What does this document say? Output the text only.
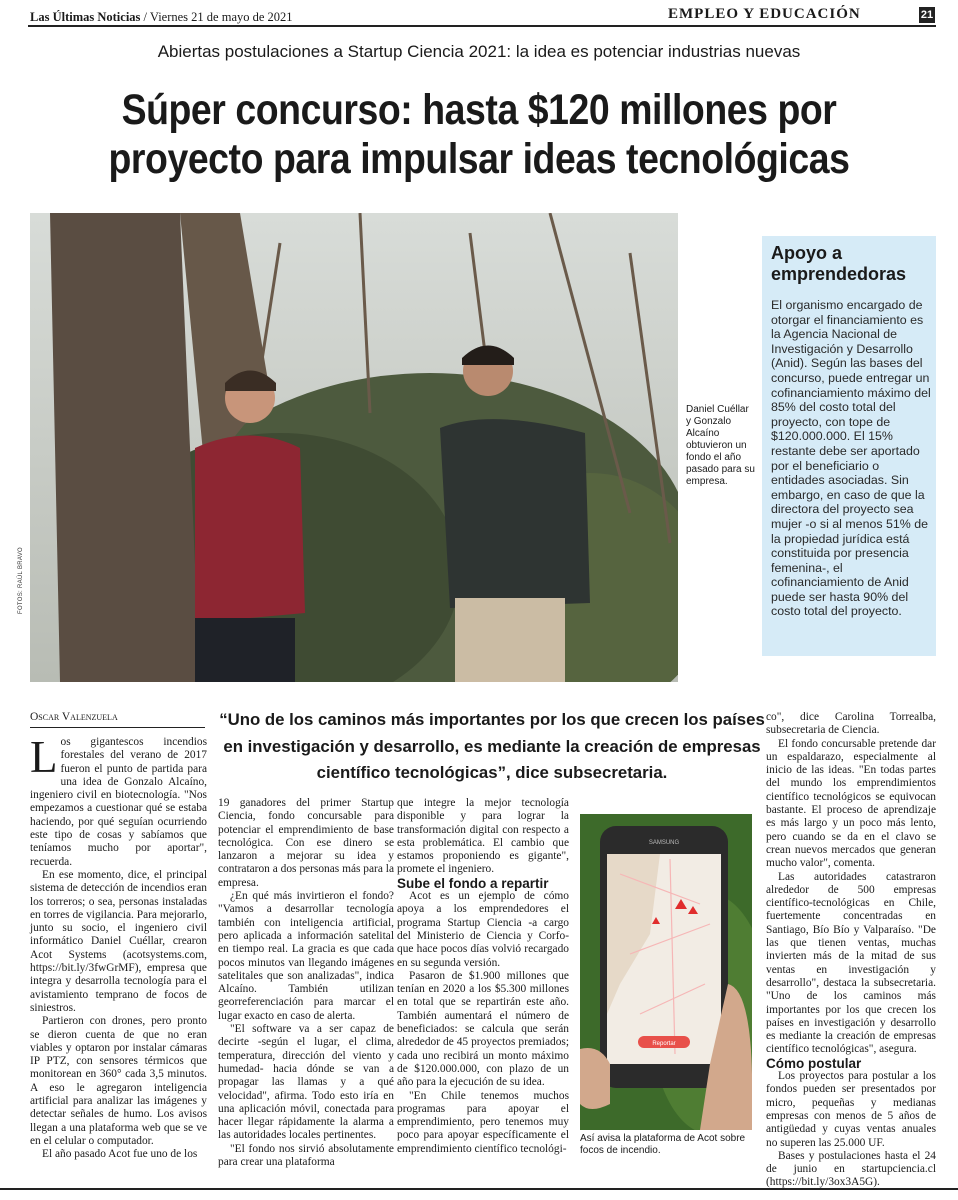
Las Últimas Noticias / Viernes 21 de mayo de 2021	EMPLEO Y EDUCACIÓN	21
Abiertas postulaciones a Startup Ciencia 2021: la idea es potenciar industrias nuevas
Súper concurso: hasta $120 millones por
proyecto para impulsar ideas tecnológicas
FOTOS: RAÚL BRAVO
Daniel Cuéllar y Gonzalo Alcaíno obtuvieron un fondo el año pasado para su empresa.
Apoyo a emprendedoras
El organismo encargado de otorgar el financiamiento es la Agencia Nacional de Investigación y Desarrollo (Anid). Según las bases del concurso, puede entregar un cofinanciamiento máximo del 85% del costo total del proyecto, con tope de $120.000.000. El 15% restante debe ser aportado por el beneficiario o entidades asociadas. Sin embargo, en caso de que la directora del proyecto sea mujer -o si al menos 51% de la propiedad jurídica está constituida por presencia femenina-, el cofinanciamiento de Anid puede ser hasta 90% del costo total del proyecto.
Oscar Valenzuela

Los gigantescos incendios forestales del verano de 2017 fueron el punto de partida para una idea de Gonzalo Alcaíno, ingeniero civil en biotecnología. "Nos empezamos a cuestionar qué se estaba haciendo, por qué seguían ocurriendo este tipo de cosas y sabíamos que teníamos mucho por aportar", recuerda.

En ese momento, dice, el principal sistema de detección de incendios eran los torreros; o sea, personas instaladas en torres de vigilancia. Para mejorarlo, junto su socio, el ingeniero civil informático Daniel Cuéllar, crearon Acot Systems (acotsystems.com, https://bit.ly/3fwGrMF), empresa que integra y desarrolla tecnología para el avistamiento temprano de focos de siniestros.

Partieron con drones, pero pronto se dieron cuenta de que no eran viables y optaron por instalar cámaras IP PTZ, con sensores térmicos que monitorean en 360° cada 3,5 minutos. A eso le agregaron inteligencia artificial para analizar las imágenes y detectar señales de humo. Los avisos llegan a una plataforma web que se ve en el celular o computador.

El año pasado Acot fue uno de los

“Uno de los caminos más importantes por los que crecen los países en investigación y desarrollo, es mediante la creación de empresas científico tecnológicas”, dice subsecretaria.

19 ganadores del primer Startup Ciencia, fondo concursable para potenciar el emprendimiento de base tecnológica. Con ese dinero se lanzaron a mejorar su idea y contrataron a dos personas más para la empresa.

¿En qué más invirtieron el fondo? "Vamos a desarrollar tecnología también con inteligencia artificial, pero aplicada a información satelital en tiempo real. La gracia es que cada pocos minutos van llegando imágenes satelitales que son analizadas", indica Alcaíno. También utilizan georreferenciación para marcar el lugar exacto en caso de alerta.

"El software va a ser capaz de decirte -según el lugar, el clima, temperatura, dirección del viento y humedad- hacia dónde se van a propagar las llamas y a qué velocidad", afirma. Todo esto iría en una aplicación móvil, conectada para hacer llegar rápidamente la alarma a las autoridades locales pertinentes.

"El fondo nos sirvió absolutamente para crear una plataforma

que integre la mejor tecnología disponible y para lograr la transformación digital con respecto a esta problemática. El cambio que estamos proponiendo es gigante", promete el ingeniero.

Sube el fondo a repartir

Acot es un ejemplo de cómo apoya a los emprendedores el programa Startup Ciencia -a cargo del Ministerio de Ciencia y Corfo- que hace pocos días volvió recargado en su segunda versión.

Pasaron de $1.900 millones que tenían en 2020 a los $5.300 millones en total que se repartirán este año. También aumentará el número de beneficiados: se calcula que serán alrededor de 45 proyectos premiados; cada uno recibirá un monto máximo de $120.000.000, con plazo de un año para la ejecución de su idea.

"En Chile tenemos muchos programas para apoyar el emprendimiento, pero tenemos muy poco para apoyar específicamente el emprendimiento científico tecnológi-

SAMSUNG
Reportar
Así avisa la plataforma de Acot sobre focos de incendio.

co", dice Carolina Torrealba, subsecretaria de Ciencia.

El fondo concursable pretende dar un espaldarazo, especialmente al inicio de las ideas. "En todas partes del mundo los emprendimientos científico tecnológicos se equivocan bastante. El proceso de aprendizaje es más largo y un poco más lento, pero cuando se da en el clavo se crean nuevos mercados que generan mucho valor", comenta.

Las autoridades catastraron alrededor de 500 empresas científico-tecnológicas en Chile, fuertemente concentradas en Santiago, Bío Bío y Valparaíso. "De las que tienen ventas, muchas invierten más de la mitad de sus ventas en investigación y desarrollo", destaca la subsecretaria. "Uno de los caminos más importantes por los que crecen los países en investigación y desarrollo es mediante la creación de empresas científico tecnológicas", asegura.

Cómo postular

Los proyectos para postular a los fondos pueden ser presentados por micro, pequeñas y medianas empresas con menos de 5 años de antigüedad y cuyas ventas anuales no superen las 25.000 UF.

Bases y postulaciones hasta el 24 de junio en startupciencia.cl (https://bit.ly/3ox3A5G).
